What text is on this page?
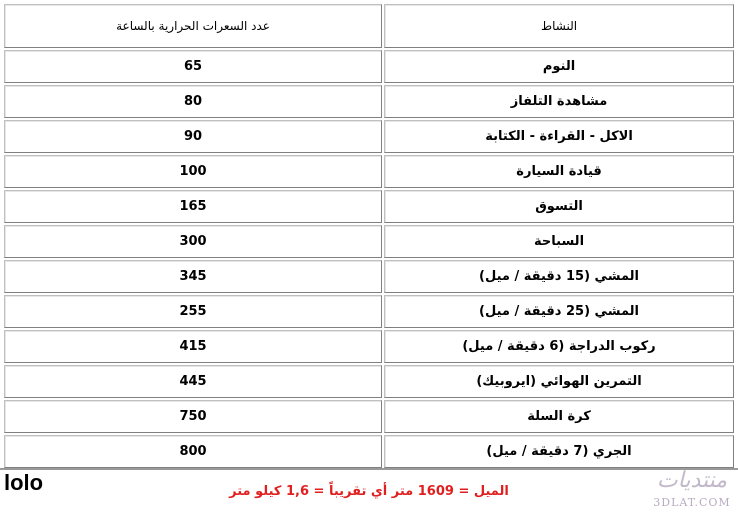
النشاط	عدد السعرات الحرارية بالساعة
النوم	65
مشاهدة التلفاز	80
الاكل - القراءة - الكتابة	90
قيادة السيارة	100
التسوق	165
السباحة	300
المشي (15 دقيقة / ميل)	345
المشي (25 دقيقة / ميل)	255
ركوب الدراجة (6 دقيقة / ميل)	415
التمرين الهوائي (ايروبيك)	445
كرة السلة	750
الجري (7 دقيقة / ميل)	800
lolo	الميل = 1609 متر أي تقريباً = 1,6 كيلو متر	منتديات
3DLAT.COM
